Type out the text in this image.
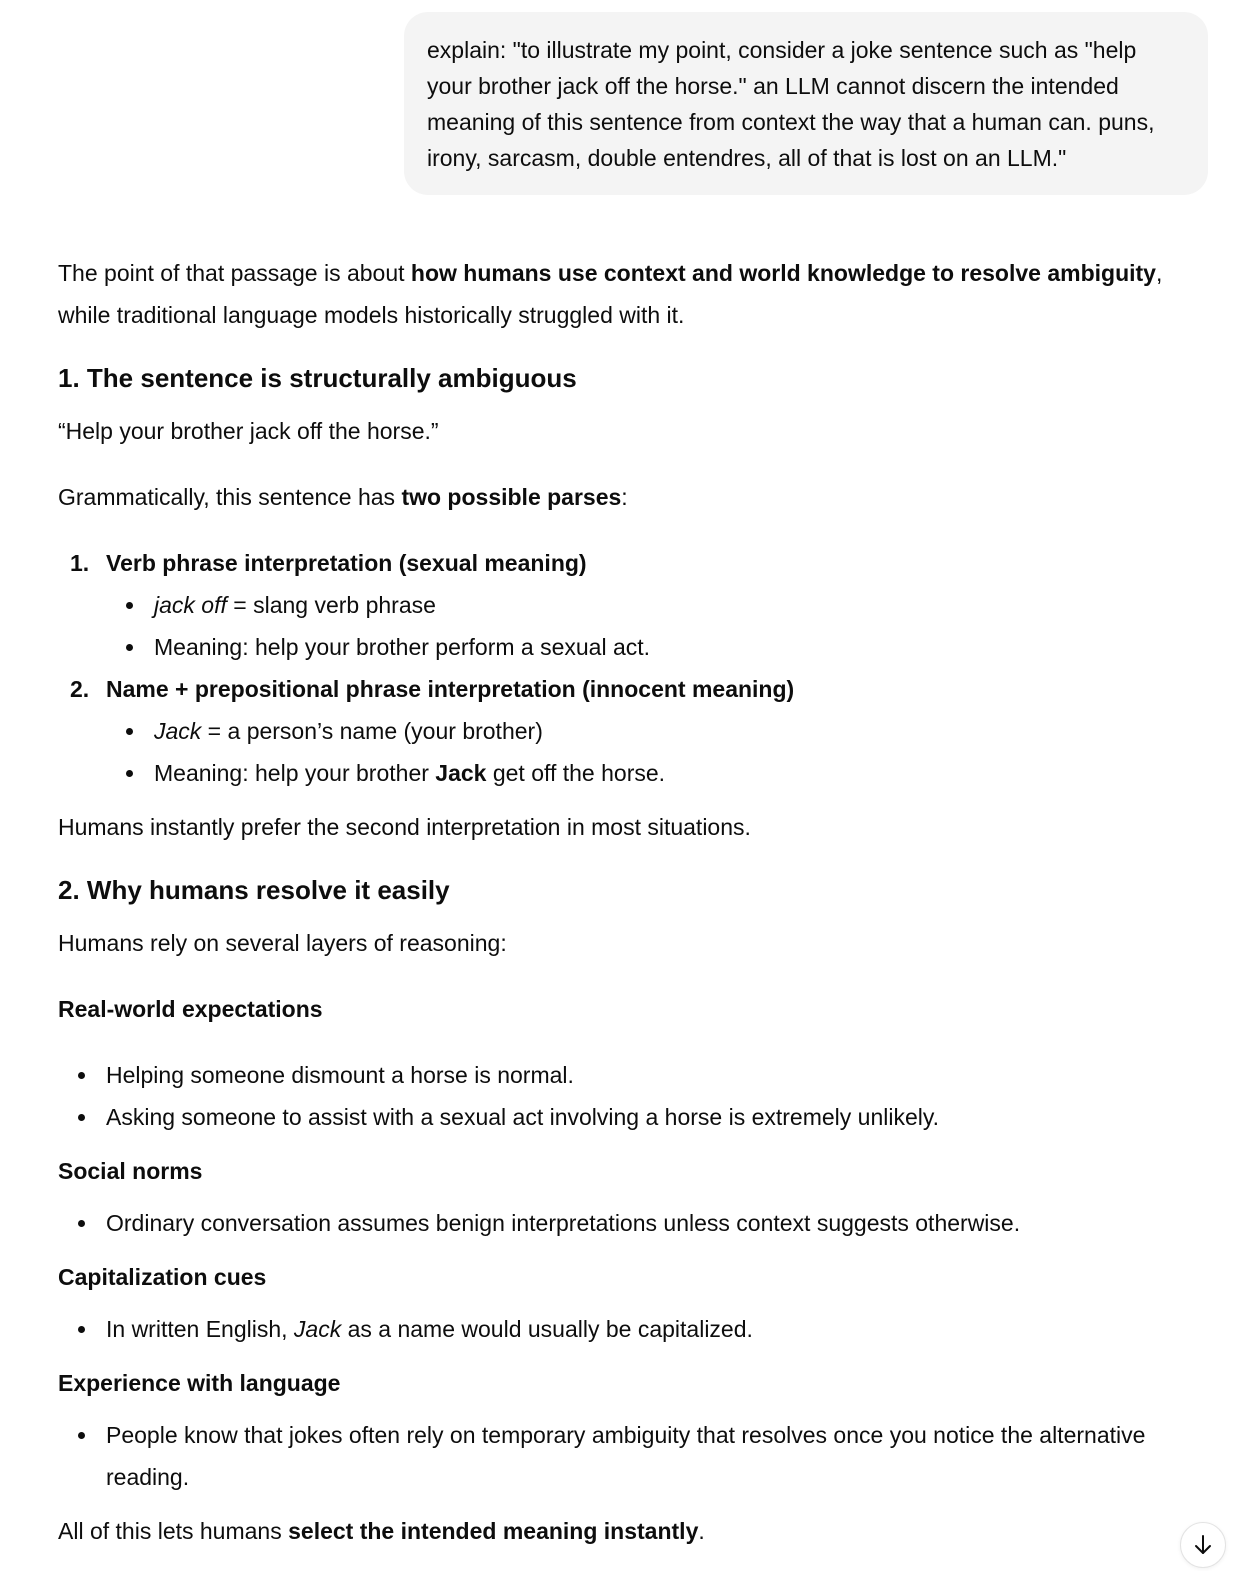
explain: "to illustrate my point, consider a joke sentence such as "help your brother jack off the horse." an LLM cannot discern the intended meaning of this sentence from context the way that a human can. puns, irony, sarcasm, double entendres, all of that is lost on an LLM."

The point of that passage is about how humans use context and world knowledge to resolve ambiguity, while traditional language models historically struggled with it.

1. The sentence is structurally ambiguous

“Help your brother jack off the horse.”

Grammatically, this sentence has two possible parses:

1. Verb phrase interpretation (sexual meaning)
jack off = slang verb phrase
Meaning: help your brother perform a sexual act.
2. Name + prepositional phrase interpretation (innocent meaning)
Jack = a person’s name (your brother)
Meaning: help your brother Jack get off the horse.

Humans instantly prefer the second interpretation in most situations.

2. Why humans resolve it easily

Humans rely on several layers of reasoning:

Real-world expectations
Helping someone dismount a horse is normal.
Asking someone to assist with a sexual act involving a horse is extremely unlikely.
Social norms
Ordinary conversation assumes benign interpretations unless context suggests otherwise.
Capitalization cues
In written English, Jack as a name would usually be capitalized.
Experience with language
People know that jokes often rely on temporary ambiguity that resolves once you notice the alternative reading.

All of this lets humans select the intended meaning instantly.
